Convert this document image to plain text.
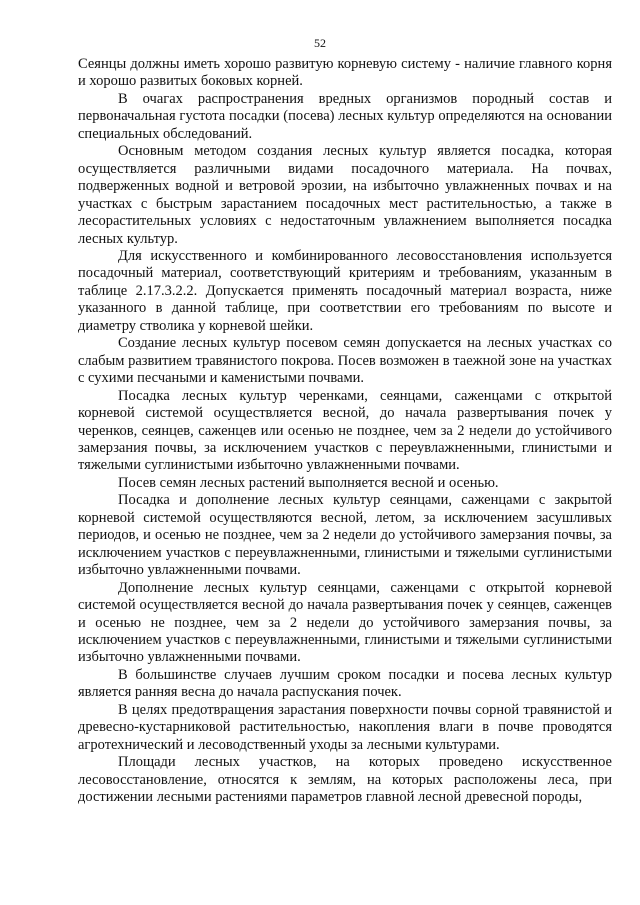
52

Сеянцы должны иметь хорошо развитую корневую систему - наличие главного корня и хорошо развитых боковых корней.

В очагах распространения вредных организмов породный состав и первоначальная густота посадки (посева) лесных культур определяются на основании специальных обследований.

Основным методом создания лесных культур является посадка, которая осуществляется различными видами посадочного материала. На почвах, подверженных водной и ветровой эрозии, на избыточно увлажненных почвах и на участках с быстрым зарастанием посадочных мест растительностью, а также в лесорастительных условиях с недостаточным увлажнением выполняется посадка лесных культур.

Для искусственного и комбинированного лесовосстановления используется посадочный материал, соответствующий критериям и требованиям, указанным в таблице 2.17.3.2.2. Допускается применять посадочный материал возраста, ниже указанного в данной таблице, при соответствии его требованиям по высоте и диаметру стволика у корневой шейки.

Создание лесных культур посевом семян допускается на лесных участках со слабым развитием травянистого покрова. Посев возможен в таежной зоне на участках с сухими песчаными и каменистыми почвами.

Посадка лесных культур черенками, сеянцами, саженцами с открытой корневой системой осуществляется весной, до начала развертывания почек у черенков, сеянцев, саженцев или осенью не позднее, чем за 2 недели до устойчивого замерзания почвы, за исключением участков с переувлажненными, глинистыми и тяжелыми суглинистыми избыточно увлажненными почвами.

Посев семян лесных растений выполняется весной и осенью.

Посадка и дополнение лесных культур сеянцами, саженцами с закрытой корневой системой осуществляются весной, летом, за исключением засушливых периодов, и осенью не позднее, чем за 2 недели до устойчивого замерзания почвы, за исключением участков с переувлажненными, глинистыми и тяжелыми суглинистыми избыточно увлажненными почвами.

Дополнение лесных культур сеянцами, саженцами с открытой корневой системой осуществляется весной до начала развертывания почек у сеянцев, саженцев и осенью не позднее, чем за 2 недели до устойчивого замерзания почвы, за исключением участков с переувлажненными, глинистыми и тяжелыми суглинистыми избыточно увлажненными почвами.

В большинстве случаев лучшим сроком посадки и посева лесных культур является ранняя весна до начала распускания почек.

В целях предотвращения зарастания поверхности почвы сорной травянистой и древесно-кустарниковой растительностью, накопления влаги в почве проводятся агротехнический и лесоводственный уходы за лесными культурами.

Площади лесных участков, на которых проведено искусственное лесовосстановление, относятся к землям, на которых расположены леса, при достижении лесными растениями параметров главной лесной древесной породы,
